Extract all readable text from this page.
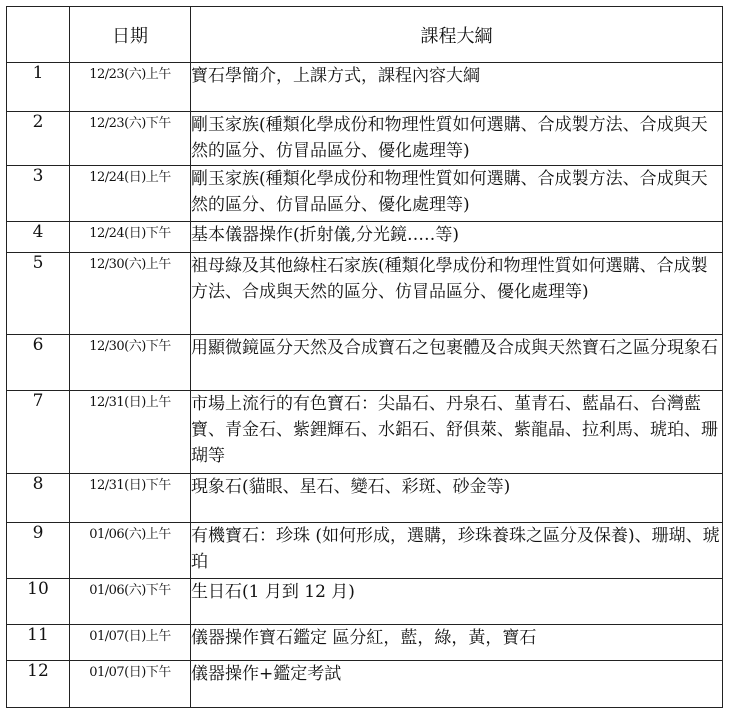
	日期	課程大綱
1	12/23(六)上午	寶石學簡介，上課方式，課程內容大綱
2	12/23(六)下午	剛玉家族(種類化學成份和物理性質如何選購、合成製方法、合成與天然的區分、仿冒品區分、優化處理等)
3	12/24(日)上午	剛玉家族(種類化學成份和物理性質如何選購、合成製方法、合成與天然的區分、仿冒品區分、優化處理等)
4	12/24(日)下午	基本儀器操作(折射儀,分光鏡…‥等)
5	12/30(六)上午	祖母綠及其他綠柱石家族(種類化學成份和物理性質如何選購、合成製方法、合成與天然的區分、仿冒品區分、優化處理等)
6	12/30(六)下午	用顯微鏡區分天然及合成寶石之包裹體及合成與天然寶石之區分現象石
7	12/31(日)上午	市場上流行的有色寶石：尖晶石、丹泉石、堇青石、藍晶石、台灣藍寶、青金石、紫鋰輝石、水鋁石、舒俱萊、紫龍晶、拉利馬、琥珀、珊瑚等
8	12/31(日)下午	現象石(貓眼、星石、變石、彩斑、砂金等)
9	01/06(六)上午	有機寶石：珍珠 (如何形成，選購，珍珠養珠之區分及保養)、珊瑚、琥珀
10	01/06(六)下午	生日石(1 月到 12 月)
11	01/07(日)上午	儀器操作寶石鑑定 區分紅，藍，綠，黃，寶石
12	01/07(日)下午	儀器操作+鑑定考試
